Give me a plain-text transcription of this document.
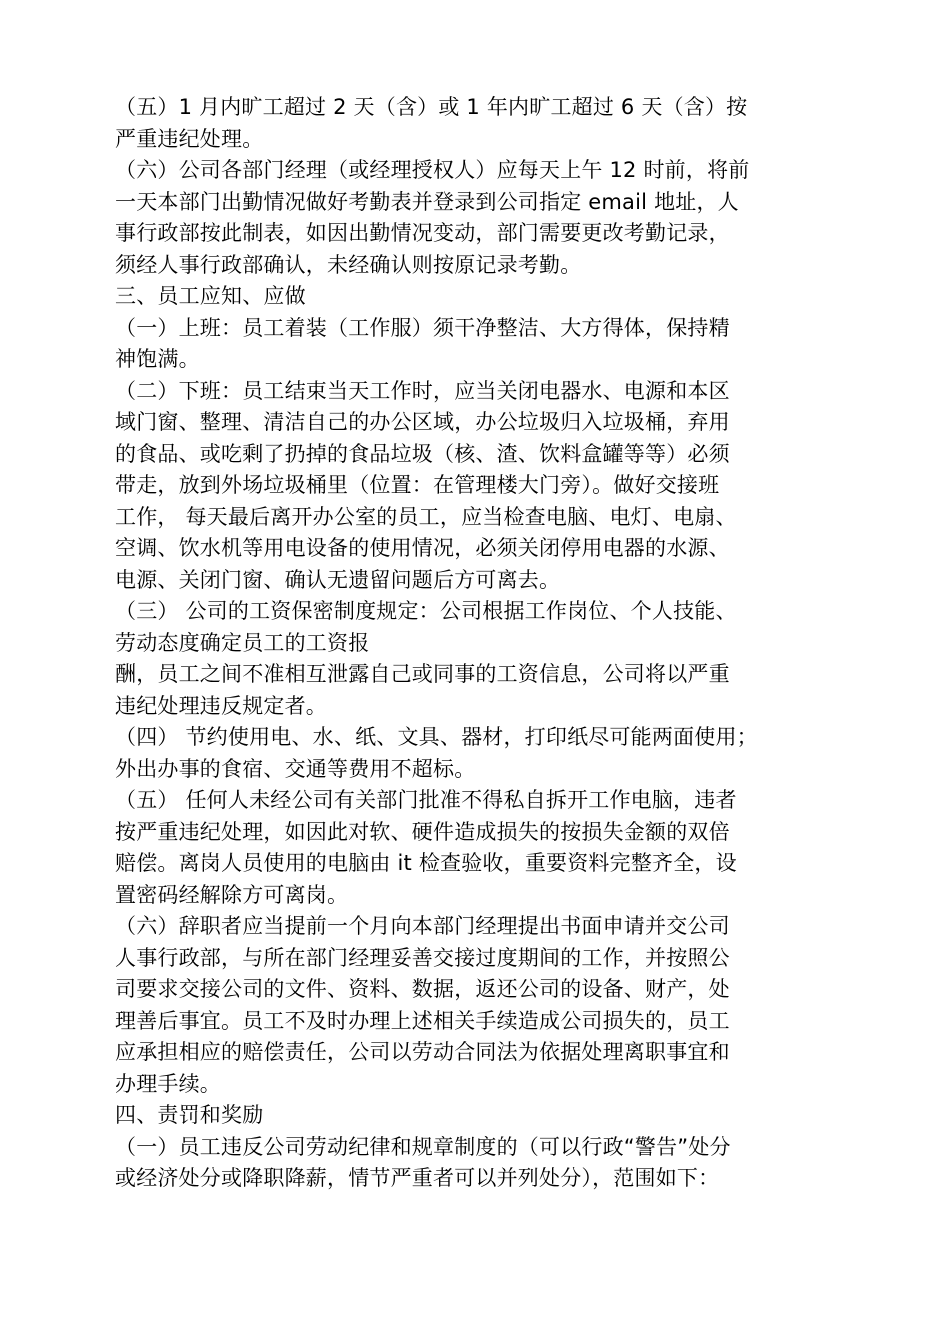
（五）1 月内旷工超过 2 天（含）或 1 年内旷工超过 6 天（含）按
严重违纪处理。
（六）公司各部门经理（或经理授权人）应每天上午 12 时前，将前
一天本部门出勤情况做好考勤表并登录到公司指定 email 地址，人
事行政部按此制表，如因出勤情况变动，部门需要更改考勤记录，
须经人事行政部确认，未经确认则按原记录考勤。
三、员工应知、应做
（一）上班：员工着装（工作服）须干净整洁、大方得体，保持精
神饱满。
（二）下班：员工结束当天工作时，应当关闭电器水、电源和本区
域门窗、整理、清洁自己的办公区域，办公垃圾归入垃圾桶，弃用
的食品、或吃剩了扔掉的食品垃圾（核、渣、饮料盒罐等等）必须
带走，放到外场垃圾桶里（位置：在管理楼大门旁）。做好交接班
工作， 每天最后离开办公室的员工，应当检查电脑、电灯、电扇、
空调、饮水机等用电设备的使用情况，必须关闭停用电器的水源、
电源、关闭门窗、确认无遗留问题后方可离去。
（三） 公司的工资保密制度规定：公司根据工作岗位、个人技能、
劳动态度确定员工的工资报
酬，员工之间不准相互泄露自己或同事的工资信息，公司将以严重
违纪处理违反规定者。
（四） 节约使用电、水、纸、文具、器材，打印纸尽可能两面使用；
外出办事的食宿、交通等费用不超标。
（五） 任何人未经公司有关部门批准不得私自拆开工作电脑，违者
按严重违纪处理，如因此对软、硬件造成损失的按损失金额的双倍
赔偿。离岗人员使用的电脑由 it 检查验收，重要资料完整齐全，设
置密码经解除方可离岗。
（六）辞职者应当提前一个月向本部门经理提出书面申请并交公司
人事行政部，与所在部门经理妥善交接过度期间的工作，并按照公
司要求交接公司的文件、资料、数据，返还公司的设备、财产，处
理善后事宜。员工不及时办理上述相关手续造成公司损失的，员工
应承担相应的赔偿责任，公司以劳动合同法为依据处理离职事宜和
办理手续。
四、责罚和奖励
（一）员工违反公司劳动纪律和规章制度的（可以行政“警告”处分
或经济处分或降职降薪，情节严重者可以并列处分），范围如下：
